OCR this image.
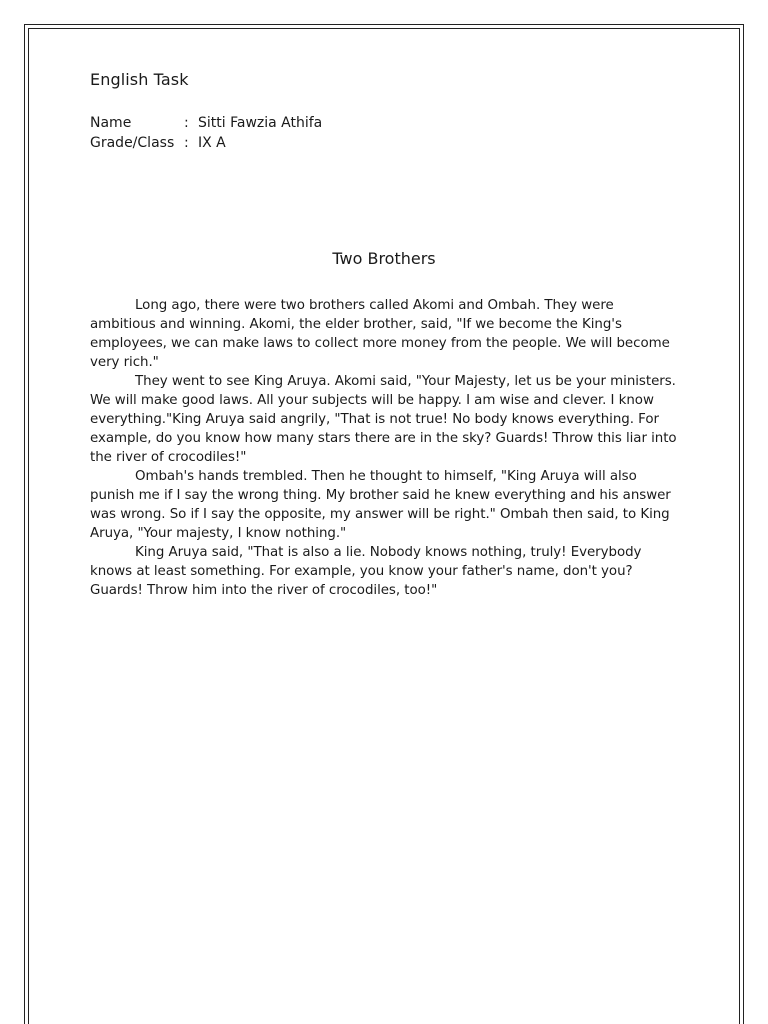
English Task
Name	: Sitti Fawzia Athifa
Grade/Class : IX A
Two Brothers

Long ago, there were two brothers called Akomi and Ombah. They were ambitious and winning. Akomi, the elder brother, said, "If we become the King's employees, we can make laws to collect more money from the people. We will become very rich."

They went to see King Aruya. Akomi said, "Your Majesty, let us be your ministers. We will make good laws. All your subjects will be happy. I am wise and clever. I know everything."King Aruya said angrily, "That is not true! No body knows everything. For example, do you know how many stars there are in the sky? Guards! Throw this liar into the river of crocodiles!"

Ombah's hands trembled. Then he thought to himself, "King Aruya will also punish me if I say the wrong thing. My brother said he knew everything and his answer was wrong. So if I say the opposite, my answer will be right." Ombah then said, to King Aruya, "Your majesty, I know nothing."

King Aruya said, "That is also a lie. Nobody knows nothing, truly! Everybody knows at least something. For example, you know your father's name, don't you? Guards! Throw him into the river of crocodiles, too!"
